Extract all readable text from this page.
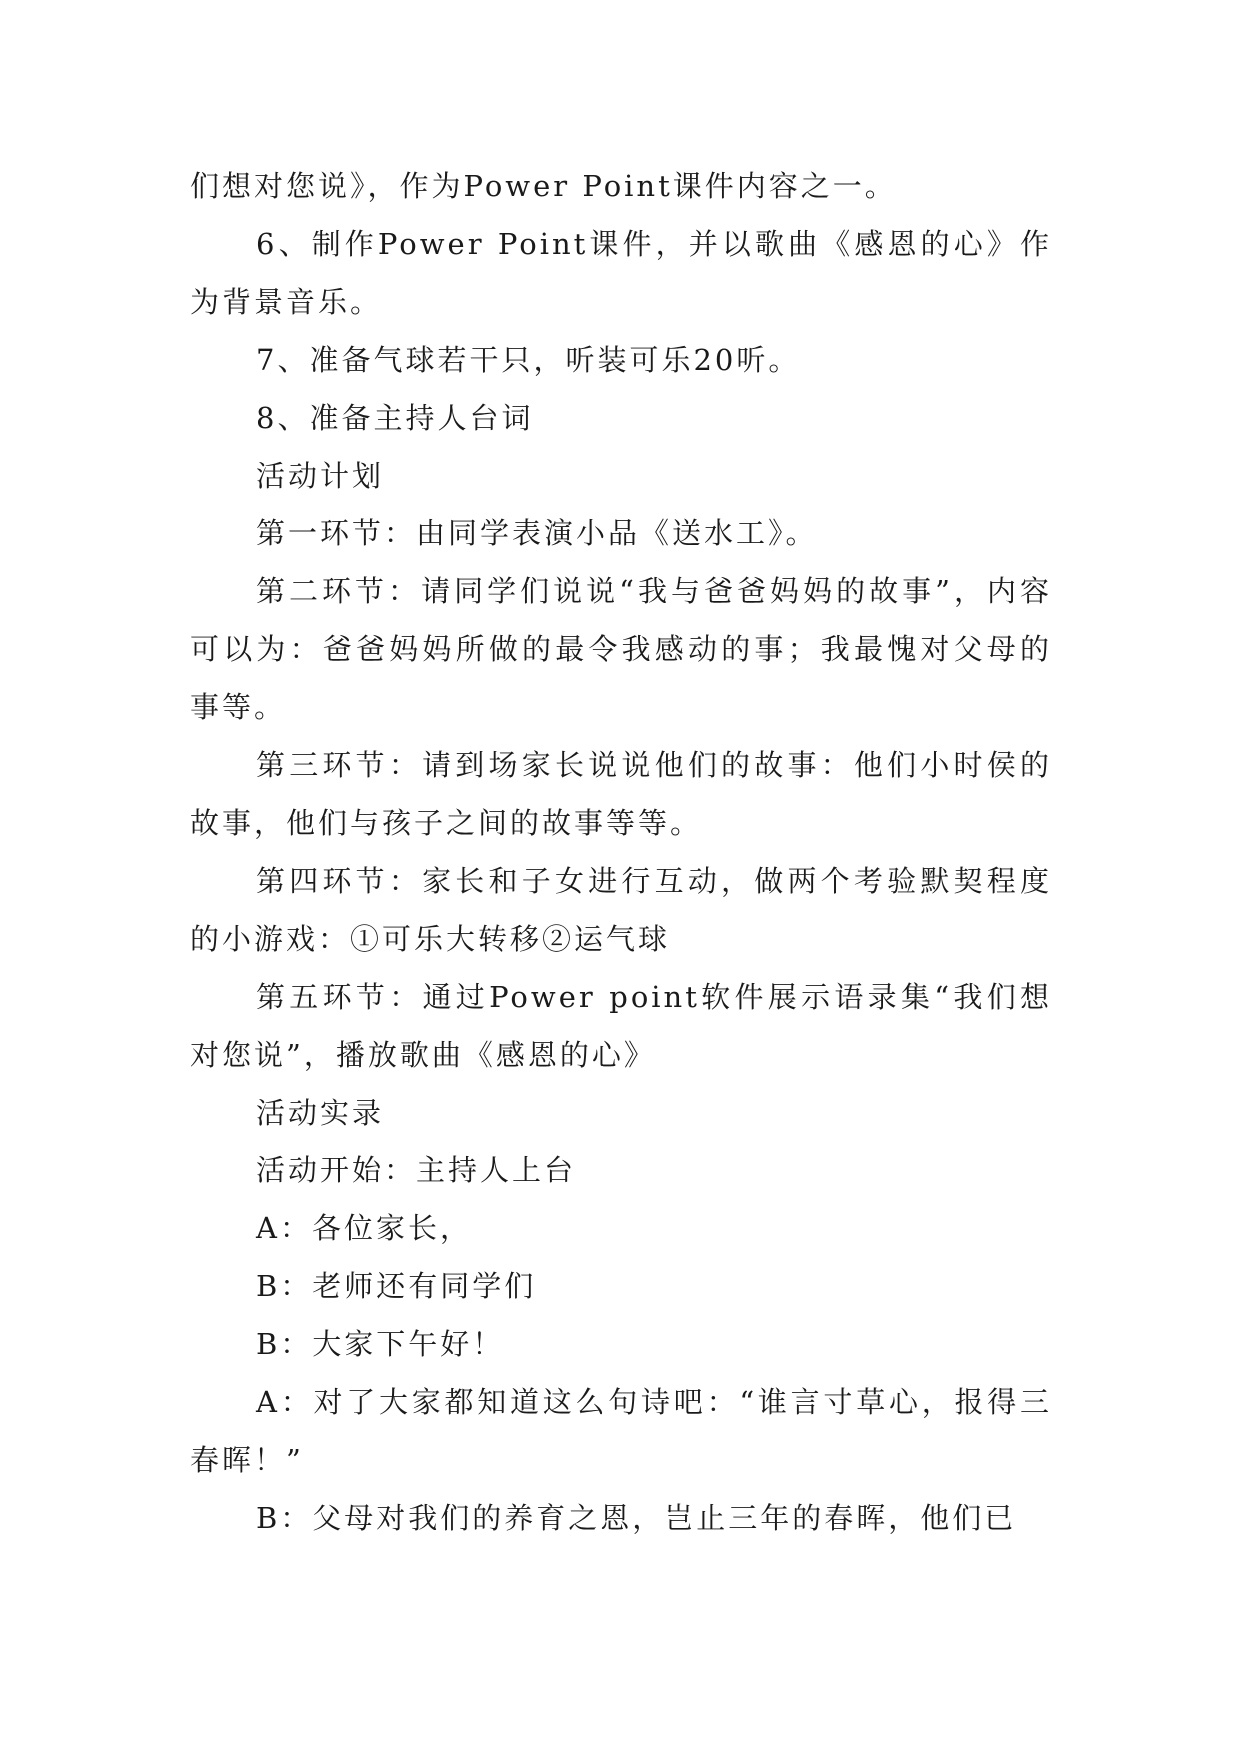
们想对您说》，作为Power Point课件内容之一。

6、制作Power Point课件，并以歌曲《感恩的心》作为背景音乐。

7、准备气球若干只，听装可乐20听。

8、准备主持人台词

活动计划

第一环节：由同学表演小品《送水工》。

第二环节：请同学们说说“我与爸爸妈妈的故事”，内容可以为：爸爸妈妈所做的最令我感动的事；我最愧对父母的事等。

第三环节：请到场家长说说他们的故事：他们小时侯的故事，他们与孩子之间的故事等等。

第四环节：家长和子女进行互动，做两个考验默契程度的小游戏：①可乐大转移②运气球

第五环节：通过Power point软件展示语录集“我们想对您说”，播放歌曲《感恩的心》

活动实录

活动开始：主持人上台

A：各位家长，

B：老师还有同学们

B：大家下午好！

A：对了大家都知道这么句诗吧：“谁言寸草心，报得三春晖！”

B：父母对我们的养育之恩，岂止三年的春晖，他们已
